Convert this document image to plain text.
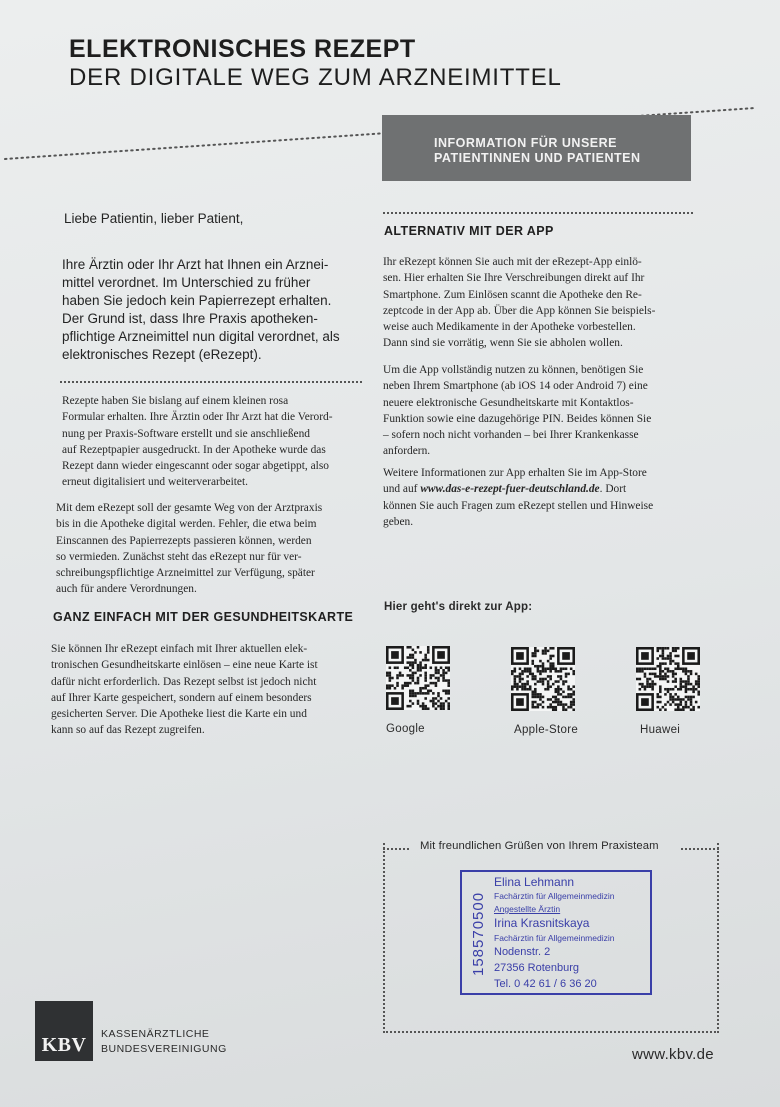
ELEKTRONISCHES REZEPT
DER DIGITALE WEG ZUM ARZNEIMITTEL
INFORMATION FÜR UNSERE
PATIENTINNEN UND PATIENTEN
Liebe Patientin, lieber Patient,
Ihre Ärztin oder Ihr Arzt hat Ihnen ein Arznei-
mittel verordnet. Im Unterschied zu früher
haben Sie jedoch kein Papierrezept erhalten.
Der Grund ist, dass Ihre Praxis apotheken-
pflichtige Arzneimittel nun digital verordnet, als
elektronisches Rezept (eRezept).
Rezepte haben Sie bislang auf einem kleinen rosa
Formular erhalten. Ihre Ärztin oder Ihr Arzt hat die Verord-
nung per Praxis-Software erstellt und sie anschließend
auf Rezeptpapier ausgedruckt. In der Apotheke wurde das
Rezept dann wieder eingescannt oder sogar abgetippt, also
erneut digitalisiert und weiterverarbeitet.
Mit dem eRezept soll der gesamte Weg von der Arztpraxis
bis in die Apotheke digital werden. Fehler, die etwa beim
Einscannen des Papierrezepts passieren können, werden
so vermieden. Zunächst steht das eRezept nur für ver-
schreibungspflichtige Arzneimittel zur Verfügung, später
auch für andere Verordnungen.
GANZ EINFACH MIT DER GESUNDHEITSKARTE
Sie können Ihr eRezept einfach mit Ihrer aktuellen elek-
tronischen Gesundheitskarte einlösen – eine neue Karte ist
dafür nicht erforderlich. Das Rezept selbst ist jedoch nicht
auf Ihrer Karte gespeichert, sondern auf einem besonders
gesicherten Server. Die Apotheke liest die Karte ein und
kann so auf das Rezept zugreifen.
ALTERNATIV MIT DER APP
Ihr eRezept können Sie auch mit der eRezept-App einlö-
sen. Hier erhalten Sie Ihre Verschreibungen direkt auf Ihr
Smartphone. Zum Einlösen scannt die Apotheke den Re-
zeptcode in der App ab. Über die App können Sie beispiels-
weise auch Medikamente in der Apotheke vorbestellen.
Dann sind sie vorrätig, wenn Sie sie abholen wollen.
Um die App vollständig nutzen zu können, benötigen Sie
neben Ihrem Smartphone (ab iOS 14 oder Android 7) eine
neuere elektronische Gesundheitskarte mit Kontaktlos-
Funktion sowie eine dazugehörige PIN. Beides können Sie
– sofern noch nicht vorhanden – bei Ihrer Krankenkasse
anfordern.
Weitere Informationen zur App erhalten Sie im App-Store
und auf www.das-e-rezept-fuer-deutschland.de. Dort
können Sie auch Fragen zum eRezept stellen und Hinweise
geben.
Hier geht's direkt zur App:
Google	Apple-Store	Huawei
Mit freundlichen Grüßen von Ihrem Praxisteam
158570500
Elina Lehmann
Fachärztin für Allgemeinmedizin
Angestellte Ärztin
Irina Krasnitskaya
Fachärztin für Allgemeinmedizin
Nodenstr. 2
27356 Rotenburg
Tel. 0 42 61 / 6 36 20
KBV	KASSENÄRZTLICHE
BUNDESVEREINIGUNG	www.kbv.de
